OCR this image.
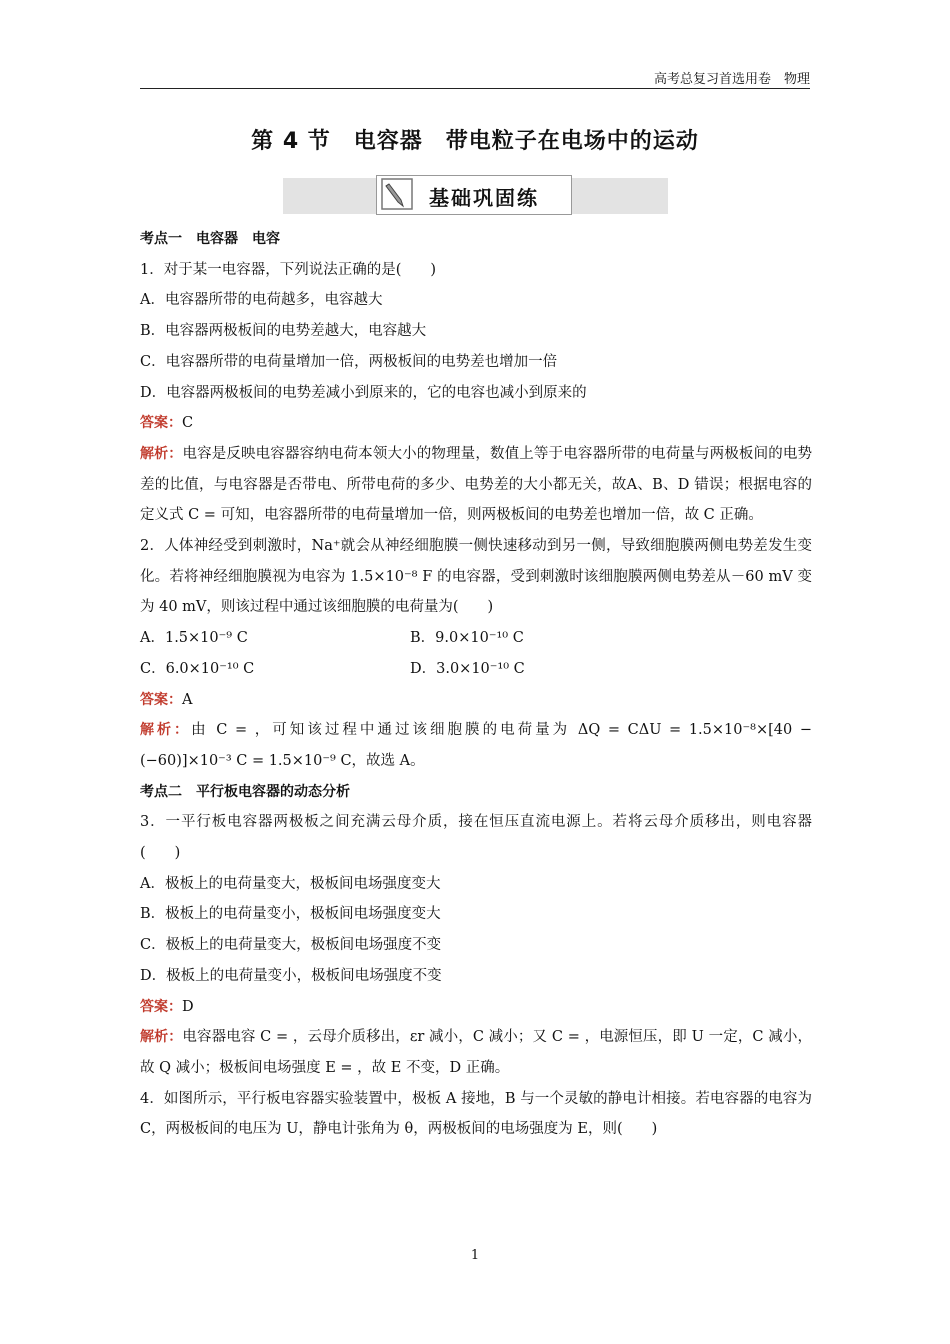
高考总复习首选用卷　物理
第 4 节　电容器　带电粒子在电场中的运动
基础巩固练

考点一　电容器　电容

1．对于某一电容器，下列说法正确的是(　　)

A．电容器所带的电荷越多，电容越大

B．电容器两极板间的电势差越大，电容越大

C．电容器所带的电荷量增加一倍，两极板间的电势差也增加一倍

D．电容器两极板间的电势差减小到原来的，它的电容也减小到原来的

答案：C

解析：电容是反映电容器容纳电荷本领大小的物理量，数值上等于电容器所带的电荷量与两极板间的电势差的比值，与电容器是否带电、所带电荷的多少、电势差的大小都无关，故A、B、D 错误；根据电容的定义式 C = 可知，电容器所带的电荷量增加一倍，则两极板间的电势差也增加一倍，故 C 正确。

2．人体神经受到刺激时，Na⁺就会从神经细胞膜一侧快速移动到另一侧，导致细胞膜两侧电势差发生变化。若将神经细胞膜视为电容为 1.5×10⁻⁸ F 的电容器，受到刺激时该细胞膜两侧电势差从－60 mV 变为 40 mV，则该过程中通过该细胞膜的电荷量为(　　)

A．1.5×10⁻⁹ C	B．9.0×10⁻¹⁰ C

C．6.0×10⁻¹⁰ C	D．3.0×10⁻¹⁰ C

答案：A

解析：由 C = ，可知该过程中通过该细胞膜的电荷量为 ΔQ = CΔU = 1.5×10⁻⁸×[40 − (−60)]×10⁻³ C = 1.5×10⁻⁹ C，故选 A。

考点二　平行板电容器的动态分析

3．一平行板电容器两极板之间充满云母介质，接在恒压直流电源上。若将云母介质移出，则电容器(　　)

A．极板上的电荷量变大，极板间电场强度变大

B．极板上的电荷量变小，极板间电场强度变大

C．极板上的电荷量变大，极板间电场强度不变

D．极板上的电荷量变小，极板间电场强度不变

答案：D

解析：电容器电容 C = ，云母介质移出，εr 减小，C 减小；又 C = ，电源恒压，即 U 一定，C 减小，故 Q 减小；极板间电场强度 E = ，故 E 不变，D 正确。

4．如图所示，平行板电容器实验装置中，极板 A 接地，B 与一个灵敏的静电计相接。若电容器的电容为 C，两极板间的电压为 U，静电计张角为 θ，两极板间的电场强度为 E，则(　　)

1
